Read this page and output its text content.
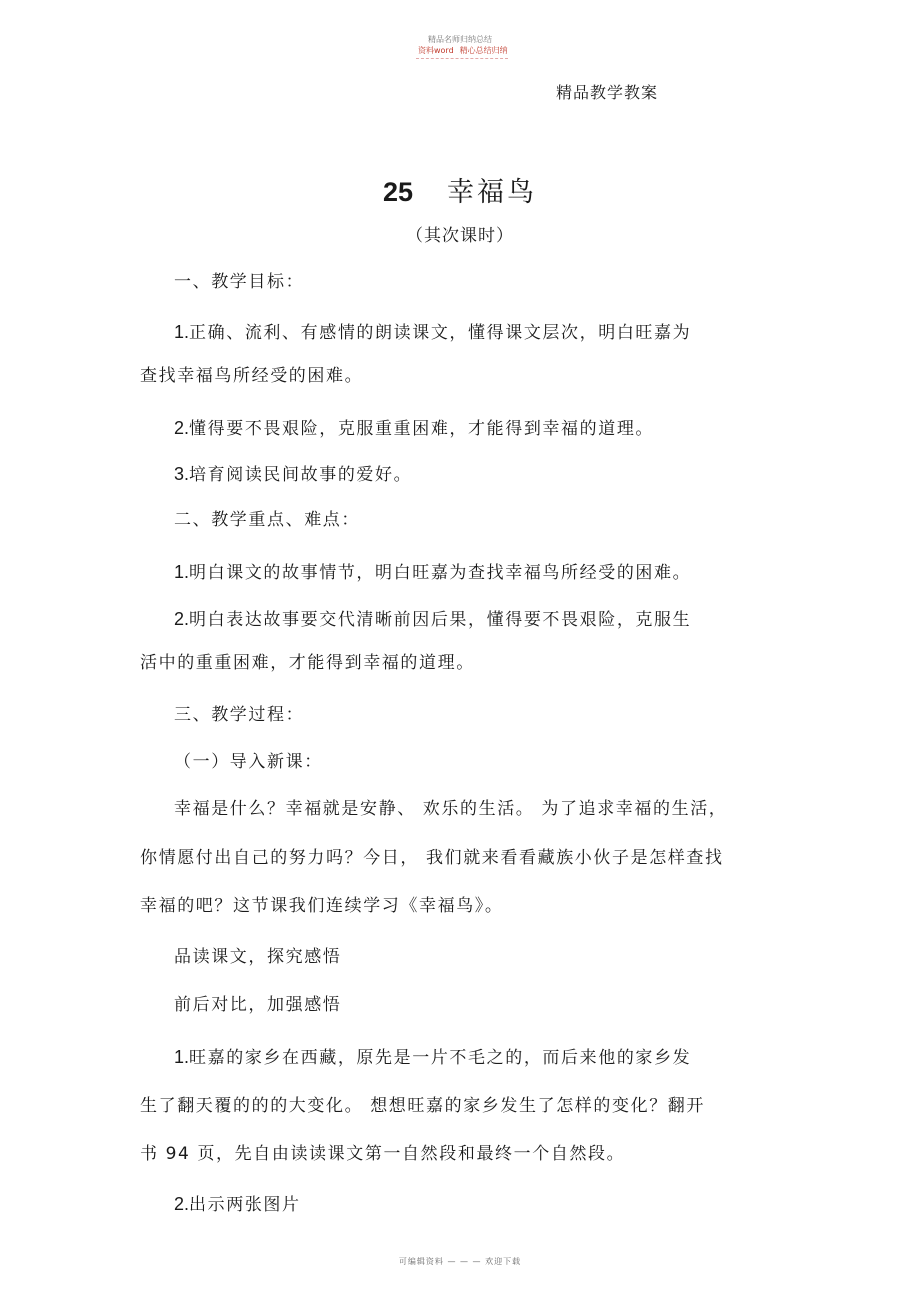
精品名师归纳总结
资料word 精心总结归纳
精品教学教案
25 幸福鸟
（其次课时）
一、教学目标：
1.正确、流利、有感情的朗读课文，懂得课文层次，明白旺嘉为
查找幸福鸟所经受的困难。
2.懂得要不畏艰险，克服重重困难，才能得到幸福的道理。
3.培育阅读民间故事的爱好。
二、教学重点、难点：
1.明白课文的故事情节，明白旺嘉为查找幸福鸟所经受的困难。
2.明白表达故事要交代清晰前因后果，懂得要不畏艰险，克服生
活中的重重困难，才能得到幸福的道理。
三、教学过程：
（一）导入新课：
幸福是什么？幸福就是安静、 欢乐的生活。 为了追求幸福的生活，
你情愿付出自己的努力吗？今日， 我们就来看看藏族小伙子是怎样查找
幸福的吧？这节课我们连续学习《幸福鸟》。
品读课文，探究感悟
前后对比，加强感悟
1.旺嘉的家乡在西藏，原先是一片不毛之的，而后来他的家乡发
生了翻天覆的的的大变化。 想想旺嘉的家乡发生了怎样的变化？翻开
书 94 页，先自由读读课文第一自然段和最终一个自然段。
2.出示两张图片
可编辑资料 — — — 欢迎下载
